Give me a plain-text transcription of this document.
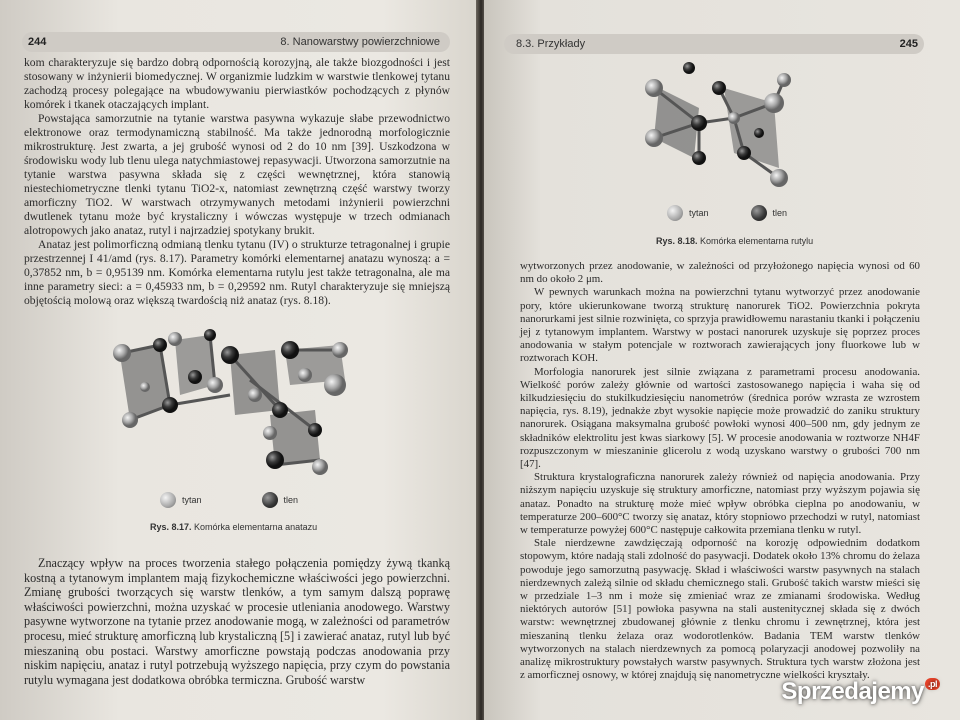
244	8. Nanowarstwy powierzchniowe

kom charakteryzuje się bardzo dobrą odpornością korozyjną, ale także biozgodności i jest stosowany w inżynierii biomedycznej. W organizmie ludzkim w warstwie tlenkowej tytanu zachodzą procesy polegające na wbudowywaniu pierwiastków pochodzących z płynów komórek i tkanek otaczających implant.

Powstająca samorzutnie na tytanie warstwa pasywna wykazuje słabe przewodnictwo elektronowe oraz termodynamiczną stabilność. Ma także jednorodną morfologicznie mikrostrukturę. Jest zwarta, a jej grubość wynosi od 2 do 10 nm [39]. Uszkodzona w środowisku wody lub tlenu ulega natychmiastowej repasywacji. Utworzona samorzutnie na tytanie warstwa pasywna składa się z części wewnętrznej, która stanowią niestechiometryczne tlenki tytanu TiO2-x, natomiast zewnętrzną część warstwy tworzy amorficzny TiO2. W warstwach otrzymywanych metodami inżynierii powierzchni dwutlenek tytanu może być krystaliczny i wówczas występuje w trzech odmianach alotropowych jako anataz, rutyl i najrzadziej spotykany brukit.

Anataz jest polimorficzną odmianą tlenku tytanu (IV) o strukturze tetragonalnej i grupie przestrzennej I 41/amd (rys. 8.17). Parametry komórki elementarnej anatazu wynoszą: a = 0,37852 nm, b = 0,95139 nm. Komórka elementarna rutylu jest także tetragonalna, ale ma inne parametry sieci: a = 0,45933 nm, b = 0,29592 nm. Rutyl charakteryzuje się mniejszą objętością molową oraz większą twardością niż anataz (rys. 8.18).

tytan	tlen
Rys. 8.17. Komórka elementarna anatazu

Znaczący wpływ na proces tworzenia stałego połączenia pomiędzy żywą tkanką kostną a tytanowym implantem mają fizykochemiczne właściwości jego powierzchni. Zmianę grubości tworzących się warstw tlenków, a tym samym dalszą poprawę właściwości powierzchni, można uzyskać w procesie utleniania anodowego. Warstwy pasywne wytworzone na tytanie przez anodowanie mogą, w zależności od parametrów procesu, mieć strukturę amorficzną lub krystaliczną [5] i zawierać anataz, rutyl lub być mieszaniną obu postaci. Warstwy amorficzne powstają podczas anodowania przy niskim napięciu, anataz i rutyl potrzebują wyższego napięcia, przy czym do powstania rutylu wymagana jest dodatkowa obróbka termiczna. Grubość warstw

8.3. Przykłady	245
tytan	tlen
Rys. 8.18. Komórka elementarna rutylu

wytworzonych przez anodowanie, w zależności od przyłożonego napięcia wynosi od 60 nm do około 2 μm.

W pewnych warunkach można na powierzchni tytanu wytworzyć przez anodowanie pory, które ukierunkowane tworzą strukturę nanorurek TiO2. Powierzchnia pokryta nanorurkami jest silnie rozwinięta, co sprzyja prawidłowemu narastaniu tkanki i połączeniu jej z tytanowym implantem. Warstwy w postaci nanorurek uzyskuje się poprzez proces anodowania w stałym potencjale w roztworach zawierających jony fluorkowe lub w roztworach KOH.

Morfologia nanorurek jest silnie związana z parametrami procesu anodowania. Wielkość porów zależy głównie od wartości zastosowanego napięcia i waha się od kilkudziesięciu do stukilkudziesięciu nanometrów (średnica porów wzrasta ze wzrostem napięcia, rys. 8.19), jednakże zbyt wysokie napięcie może prowadzić do zaniku struktury nanorurek. Osiągana maksymalna grubość powłoki wynosi 400–500 nm, gdy jednym ze składników elektrolitu jest kwas siarkowy [5]. W procesie anodowania w roztworze NH4F rozpuszczonym w mieszaninie glicerolu z wodą uzyskano warstwy o grubości 700 nm [47].

Struktura krystalograficzna nanorurek zależy również od napięcia anodowania. Przy niższym napięciu uzyskuje się struktury amorficzne, natomiast przy wyższym pojawia się anataz. Ponadto na strukturę może mieć wpływ obróbka cieplna po anodowaniu, w temperaturze 200–600°C tworzy się anataz, który stopniowo przechodzi w rutyl, natomiast w temperaturze powyżej 600°C następuje całkowita przemiana tlenku w rutyl.

Stale nierdzewne zawdzięczają odporność na korozję odpowiednim dodatkom stopowym, które nadają stali zdolność do pasywacji. Dodatek około 13% chromu do żelaza powoduje jego samorzutną pasywację. Skład i właściwości warstw pasywnych na stalach nierdzewnych zależą silnie od składu chemicznego stali. Grubość takich warstw mieści się w przedziale 1–3 nm i może się zmieniać wraz ze zmianami środowiska. Według niektórych autorów [51] powłoka pasywna na stali austenitycznej składa się z dwóch warstw: wewnętrznej zbudowanej głównie z tlenku chromu i zewnętrznej, która jest mieszaniną tlenku żelaza oraz wodorotlenków. Badania TEM warstw tlenków wytworzonych na stalach nierdzewnych za pomocą polaryzacji anodowej pozwoliły na analizę mikrostruktury powstałych warstw pasywnych. Struktura tych warstw złożona jest z amorficznej osnowy, w której znajdują się nanometryczne wielkości kryształy.

Sprzedajemy .pl
